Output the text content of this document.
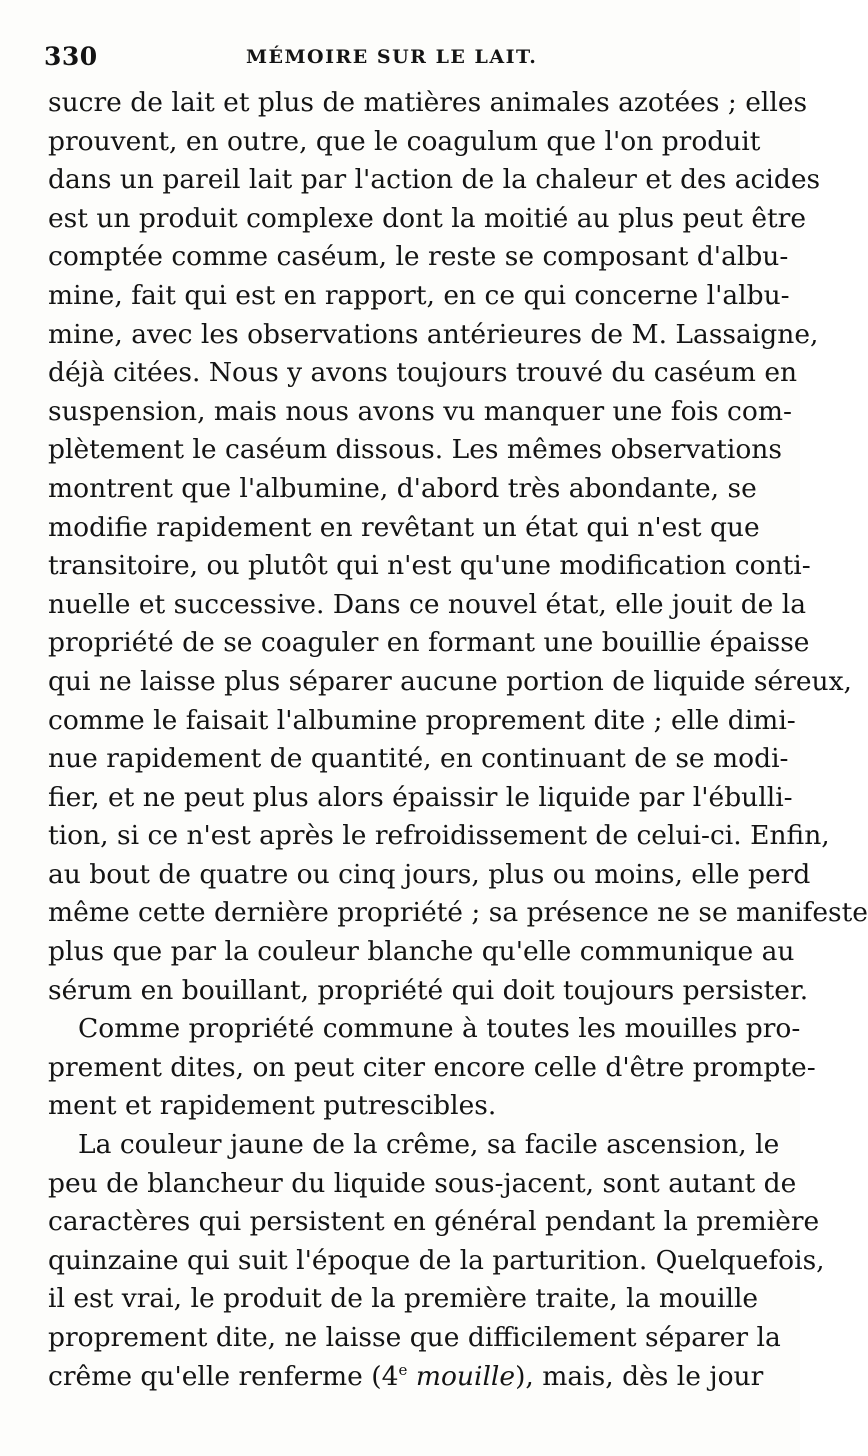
330	MÉMOIRE SUR LE LAIT.
sucre de lait et plus de matières animales azotées ; elles
prouvent, en outre, que le coagulum que l'on produit
dans un pareil lait par l'action de la chaleur et des acides
est un produit complexe dont la moitié au plus peut être
comptée comme caséum, le reste se composant d'albu-
mine, fait qui est en rapport, en ce qui concerne l'albu-
mine, avec les observations antérieures de M. Lassaigne,
déjà citées. Nous y avons toujours trouvé du caséum en
suspension, mais nous avons vu manquer une fois com-
plètement le caséum dissous. Les mêmes observations
montrent que l'albumine, d'abord très abondante, se
modifie rapidement en revêtant un état qui n'est que
transitoire, ou plutôt qui n'est qu'une modification conti-
nuelle et successive. Dans ce nouvel état, elle jouit de la
propriété de se coaguler en formant une bouillie épaisse
qui ne laisse plus séparer aucune portion de liquide séreux,
comme le faisait l'albumine proprement dite ; elle dimi-
nue rapidement de quantité, en continuant de se modi-
fier, et ne peut plus alors épaissir le liquide par l'ébulli-
tion, si ce n'est après le refroidissement de celui-ci. Enfin,
au bout de quatre ou cinq jours, plus ou moins, elle perd
même cette dernière propriété ; sa présence ne se manifeste
plus que par la couleur blanche qu'elle communique au
sérum en bouillant, propriété qui doit toujours persister.
Comme propriété commune à toutes les mouilles pro-
prement dites, on peut citer encore celle d'être prompte-
ment et rapidement putrescibles.
La couleur jaune de la crême, sa facile ascension, le
peu de blancheur du liquide sous-jacent, sont autant de
caractères qui persistent en général pendant la première
quinzaine qui suit l'époque de la parturition. Quelquefois,
il est vrai, le produit de la première traite, la mouille
proprement dite, ne laisse que difficilement séparer la
crême qu'elle renferme (4e mouille), mais, dès le jour
